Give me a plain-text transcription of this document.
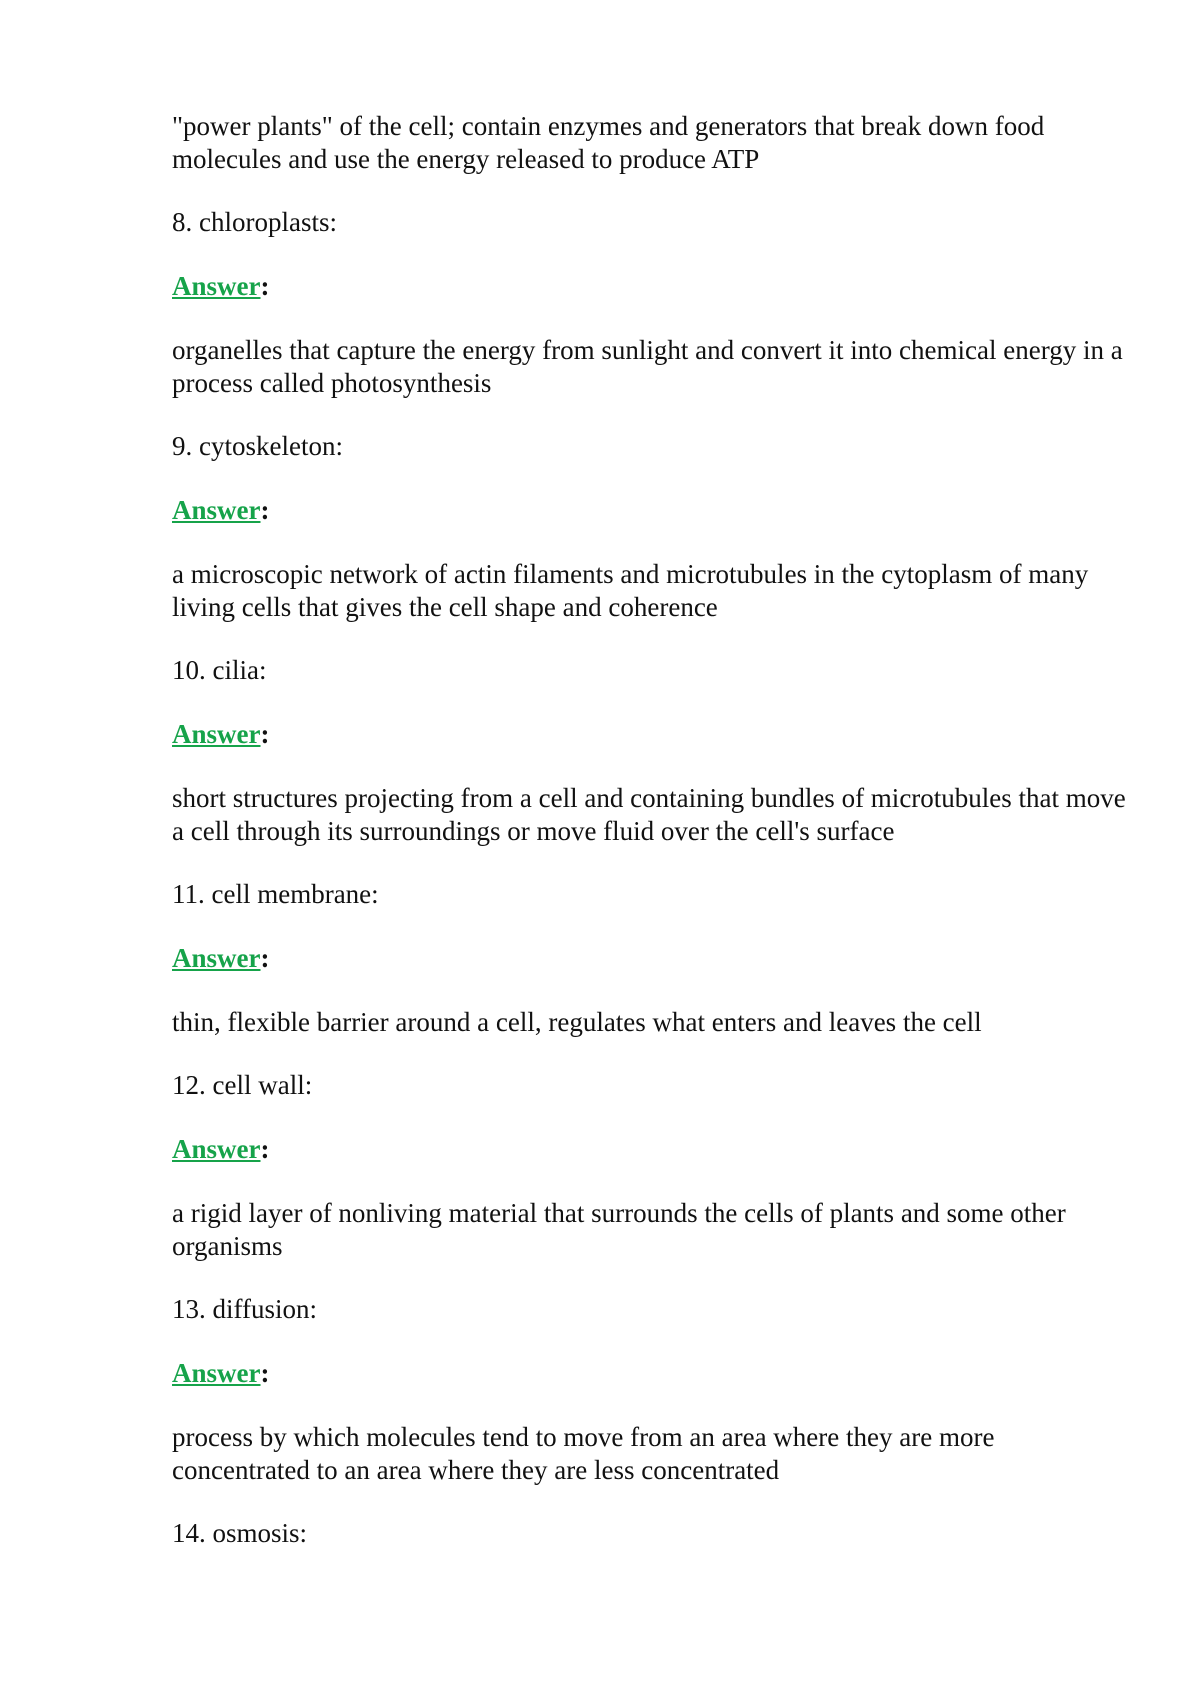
"power plants" of the cell; contain enzymes and generators that break down food molecules and use the energy released to produce ATP

8. chloroplasts:

Answer:

organelles that capture the energy from sunlight and convert it into chemical energy in a process called photosynthesis

9. cytoskeleton:

Answer:

a microscopic network of actin filaments and microtubules in the cytoplasm of many living cells that gives the cell shape and coherence

10. cilia:

Answer:

short structures projecting from a cell and containing bundles of microtubules that move a cell through its surroundings or move fluid over the cell's surface

11. cell membrane:

Answer:

thin, flexible barrier around a cell, regulates what enters and leaves the cell

12. cell wall:

Answer:

a rigid layer of nonliving material that surrounds the cells of plants and some other organisms

13. diffusion:

Answer:

process by which molecules tend to move from an area where they are more concentrated to an area where they are less concentrated

14. osmosis:
